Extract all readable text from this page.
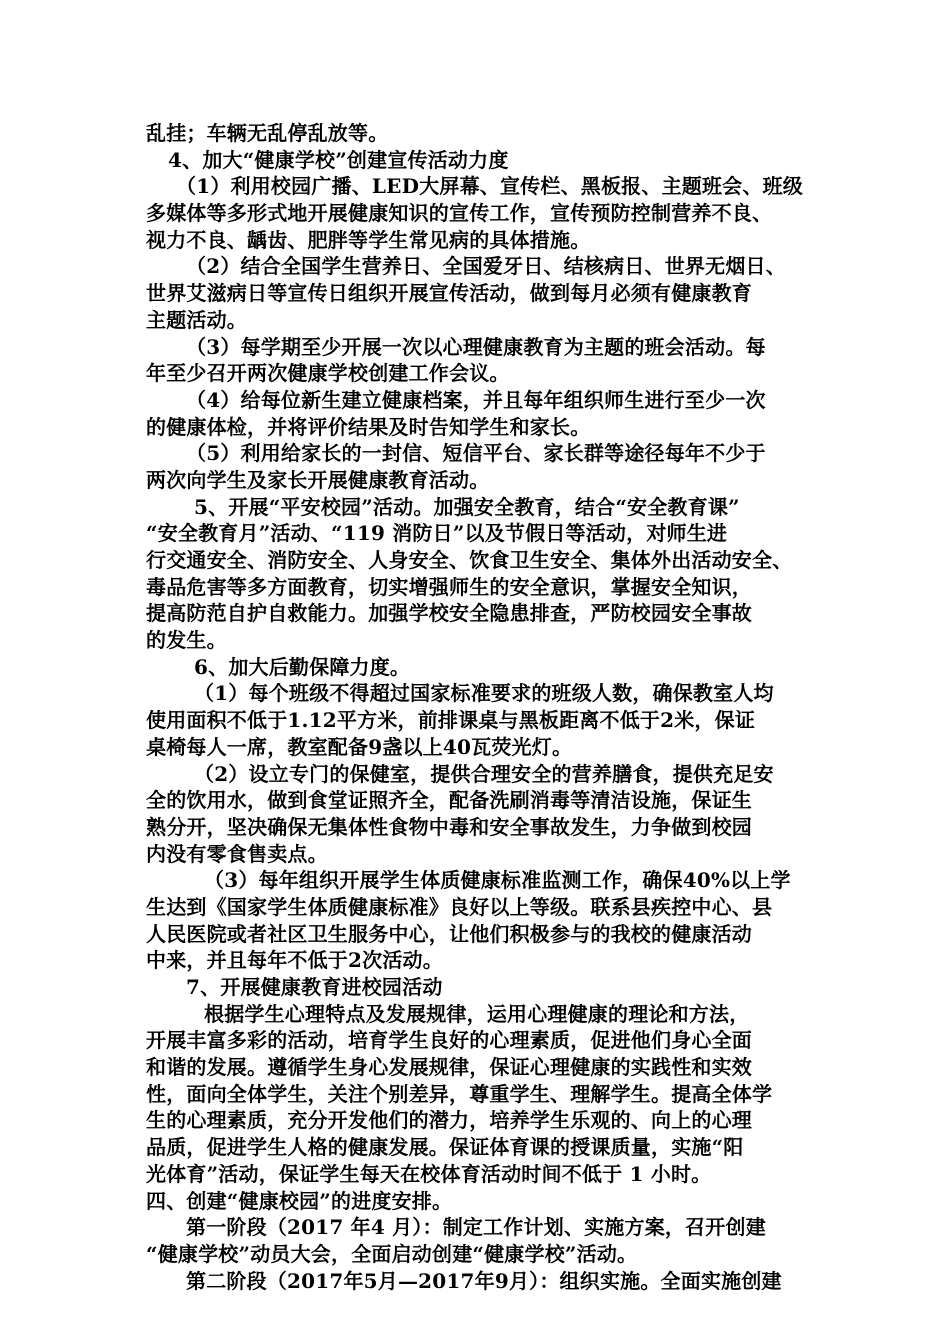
乱挂；车辆无乱停乱放等。
4、加大“健康学校”创建宣传活动力度
（1）利用校园广播、LED大屏幕、宣传栏、黑板报、主题班会、班级
多媒体等多形式地开展健康知识的宣传工作，宣传预防控制营养不良、
视力不良、龋齿、肥胖等学生常见病的具体措施。
（2）结合全国学生营养日、全国爱牙日、结核病日、世界无烟日、
世界艾滋病日等宣传日组织开展宣传活动，做到每月必须有健康教育
主题活动。
（3）每学期至少开展一次以心理健康教育为主题的班会活动。每
年至少召开两次健康学校创建工作会议。
（4）给每位新生建立健康档案，并且每年组织师生进行至少一次
的健康体检，并将评价结果及时告知学生和家长。
（5）利用给家长的一封信、短信平台、家长群等途径每年不少于
两次向学生及家长开展健康教育活动。
5、开展“平安校园”活动。加强安全教育，结合“安全教育课”
“安全教育月”活动、“119 消防日”以及节假日等活动，对师生进
行交通安全、消防安全、人身安全、饮食卫生安全、集体外出活动安全、
毒品危害等多方面教育，切实增强师生的安全意识，掌握安全知识，
提高防范自护自救能力。加强学校安全隐患排查，严防校园安全事故
的发生。
6、加大后勤保障力度。
（1）每个班级不得超过国家标准要求的班级人数，确保教室人均
使用面积不低于1.12平方米，前排课桌与黑板距离不低于2米，保证
桌椅每人一席，教室配备9盏以上40瓦荧光灯。
（2）设立专门的保健室，提供合理安全的营养膳食，提供充足安
全的饮用水，做到食堂证照齐全，配备洗刷消毒等清洁设施，保证生
熟分开，坚决确保无集体性食物中毒和安全事故发生，力争做到校园
内没有零食售卖点。
（3）每年组织开展学生体质健康标准监测工作，确保40%以上学
生达到《国家学生体质健康标准》良好以上等级。联系县疾控中心、县
人民医院或者社区卫生服务中心，让他们积极参与的我校的健康活动
中来，并且每年不低于2次活动。
7、开展健康教育进校园活动
根据学生心理特点及发展规律，运用心理健康的理论和方法，
开展丰富多彩的活动，培育学生良好的心理素质，促进他们身心全面
和谐的发展。遵循学生身心发展规律，保证心理健康的实践性和实效
性，面向全体学生，关注个别差异，尊重学生、理解学生。提高全体学
生的心理素质，充分开发他们的潜力，培养学生乐观的、向上的心理
品质，促进学生人格的健康发展。保证体育课的授课质量，实施“阳
光体育”活动，保证学生每天在校体育活动时间不低于 1 小时。
四、创建“健康校园”的进度安排。
第一阶段（2017 年4 月）：制定工作计划、实施方案，召开创建
“健康学校”动员大会，全面启动创建“健康学校”活动。
第二阶段（2017年5月—2017年9月）：组织实施。全面实施创建
